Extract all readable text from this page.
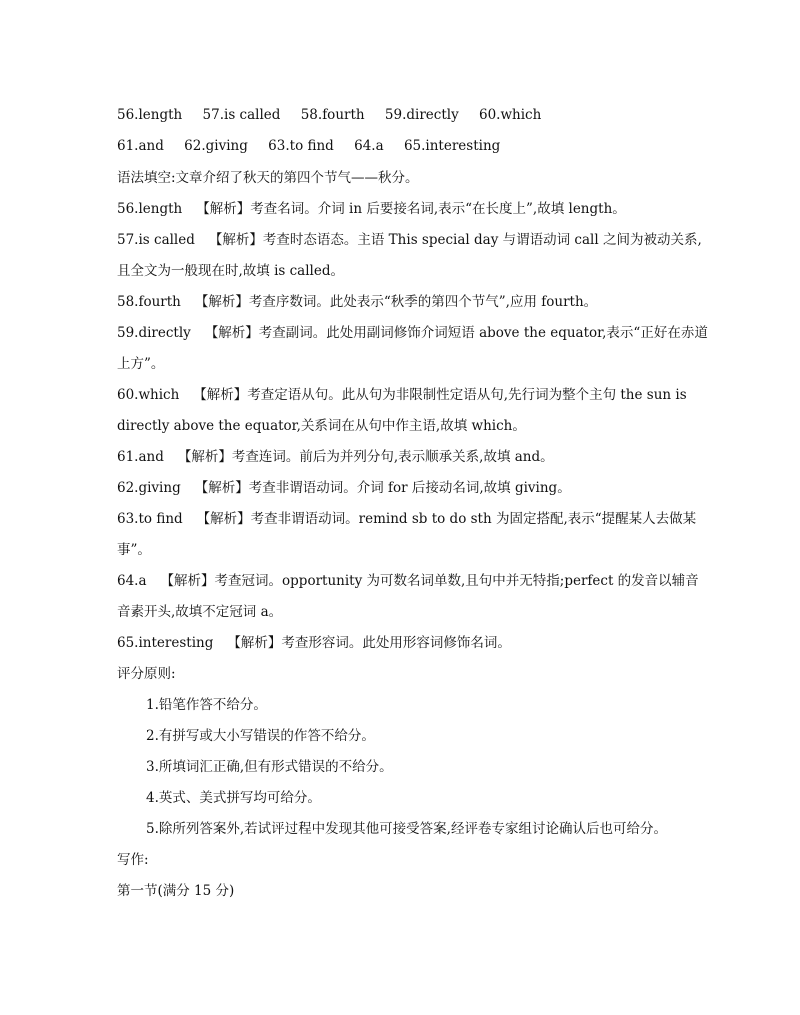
56.length 57.is called 58.fourth 59.directly 60.which
61.and 62.giving 63.to find 64.a 65.interesting
语法填空:文章介绍了秋天的第四个节气——秋分。
56.length 【解析】考查名词。介词 in 后要接名词,表示“在长度上”,故填 length。
57.is called 【解析】考查时态语态。主语 This special day 与谓语动词 call 之间为被动关系,
且全文为一般现在时,故填 is called。
58.fourth 【解析】考查序数词。此处表示“秋季的第四个节气”,应用 fourth。
59.directly 【解析】考查副词。此处用副词修饰介词短语 above the equator,表示“正好在赤道
上方”。
60.which 【解析】考查定语从句。此从句为非限制性定语从句,先行词为整个主句 the sun is
directly above the equator,关系词在从句中作主语,故填 which。
61.and 【解析】考查连词。前后为并列分句,表示顺承关系,故填 and。
62.giving 【解析】考查非谓语动词。介词 for 后接动名词,故填 giving。
63.to find 【解析】考查非谓语动词。remind sb to do sth 为固定搭配,表示“提醒某人去做某
事”。
64.a 【解析】考查冠词。opportunity 为可数名词单数,且句中并无特指;perfect 的发音以辅音
音素开头,故填不定冠词 a。
65.interesting 【解析】考查形容词。此处用形容词修饰名词。
评分原则:
1.铅笔作答不给分。
2.有拼写或大小写错误的作答不给分。
3.所填词汇正确,但有形式错误的不给分。
4.英式、美式拼写均可给分。
5.除所列答案外,若试评过程中发现其他可接受答案,经评卷专家组讨论确认后也可给分。
写作:
第一节(满分 15 分)
